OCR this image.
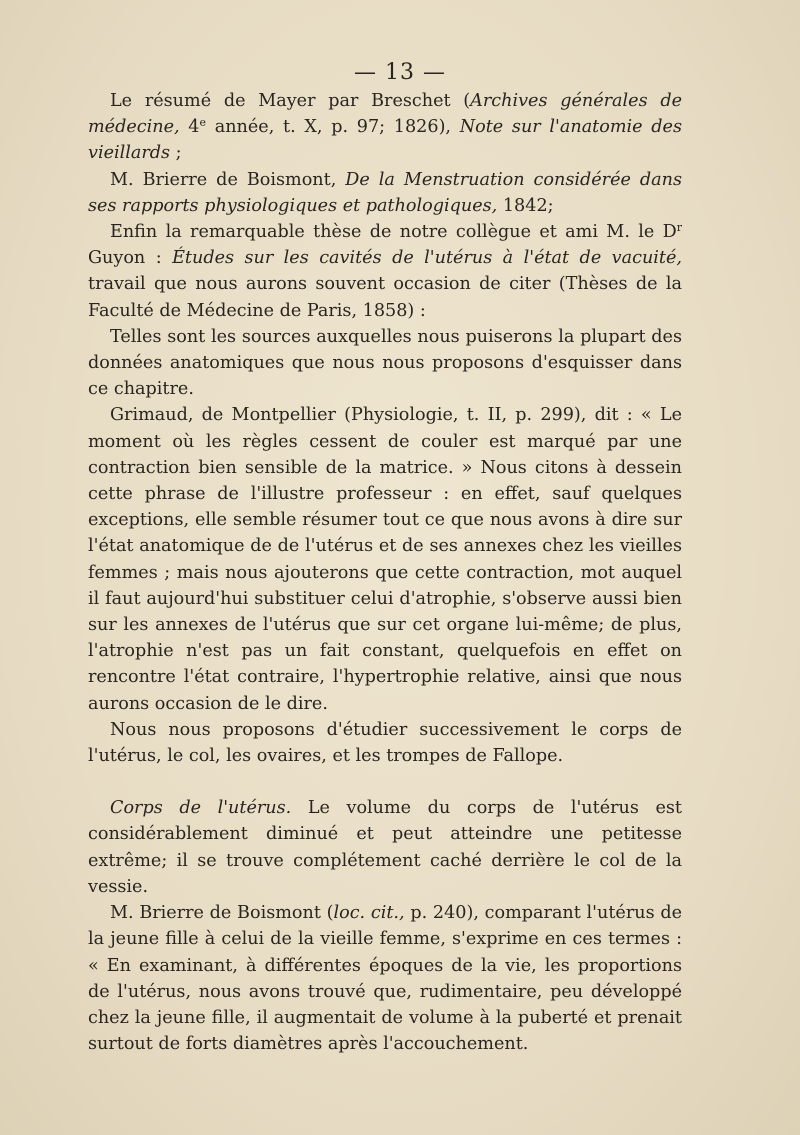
— 13 —

Le résumé de Mayer par Breschet (Archives générales de médecine, 4e année, t. X, p. 97; 1826), Note sur l'anatomie des vieillards ;

M. Brierre de Boismont, De la Menstruation considérée dans ses rapports physiologiques et pathologiques, 1842;

Enfin la remarquable thèse de notre collègue et ami M. le $D^r$ Guyon : Études sur les cavités de l'utérus à l'état de vacuité, travail que nous aurons souvent occasion de citer (Thèses de la Faculté de Médecine de Paris, 1858) :

Telles sont les sources auxquelles nous puiserons la plupart des données anatomiques que nous nous proposons d'esquisser dans ce chapitre.

Grimaud, de Montpellier (Physiologie, t. II, p. 299), dit : « Le moment où les règles cessent de couler est marqué par une contraction bien sensible de la matrice. » Nous citons à dessein cette phrase de l'illustre professeur : en effet, sauf quelques exceptions, elle semble résumer tout ce que nous avons à dire sur l'état anatomique de de l'utérus et de ses annexes chez les vieilles femmes ; mais nous ajouterons que cette contraction, mot auquel il faut aujourd'hui substituer celui d'atrophie, s'observe aussi bien sur les annexes de l'utérus que sur cet organe lui-même; de plus, l'atrophie n'est pas un fait constant, quelquefois en effet on rencontre l'état contraire, l'hypertrophie relative, ainsi que nous aurons occasion de le dire.

Nous nous proposons d'étudier successivement le corps de l'utérus, le col, les ovaires, et les trompes de Fallope.

Corps de l'utérus. Le volume du corps de l'utérus est considérablement diminué et peut atteindre une petitesse extrême; il se trouve complétement caché derrière le col de la vessie.

M. Brierre de Boismont (loc. cit., p. 240), comparant l'utérus de la jeune fille à celui de la vieille femme, s'exprime en ces termes : « En examinant, à différentes époques de la vie, les proportions de l'utérus, nous avons trouvé que, rudimentaire, peu développé chez la jeune fille, il augmentait de volume à la puberté et prenait surtout de forts diamètres après l'accouchement.
